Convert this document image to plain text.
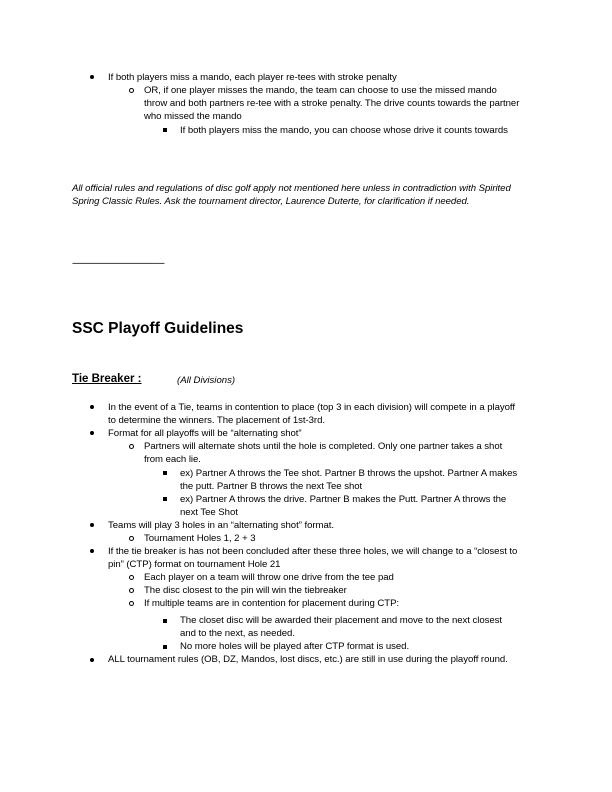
If both players miss a mando, each player re-tees with stroke penalty
OR, if one player misses the mando, the team can choose to use the missed mando
throw and both partners re-tee with a stroke penalty. The drive counts towards the partner
who missed the mando
If both players miss the mando, you can choose whose drive it counts towards
All official rules and regulations of disc golf apply not mentioned here unless in contradiction with Spirited
Spring Classic Rules. Ask the tournament director, Laurence Duterte, for clarification if needed.
----------------------------------------------
SSC Playoff Guidelines
Tie Breaker :	(All Divisions)
In the event of a Tie, teams in contention to place (top 3 in each division) will compete in a playoff
to determine the winners. The placement of 1st-3rd.
Format for all playoffs will be “alternating shot”
Partners will alternate shots until the hole is completed. Only one partner takes a shot
from each lie.
ex) Partner A throws the Tee shot. Partner B throws the upshot. Partner A makes
the putt. Partner B throws the next Tee shot
ex) Partner A throws the drive. Partner B makes the Putt. Partner A throws the
next Tee Shot
Teams will play 3 holes in an “alternating shot” format.
Tournament Holes 1, 2 + 3
If the tie breaker is has not been concluded after these three holes, we will change to a “closest to
pin” (CTP) format on tournament Hole 21
Each player on a team will throw one drive from the tee pad
The disc closest to the pin will win the tiebreaker
If multiple teams are in contention for placement during CTP:
The closet disc will be awarded their placement and move to the next closest
and to the next, as needed.
No more holes will be played after CTP format is used.
ALL tournament rules (OB, DZ, Mandos, lost discs, etc.) are still in use during the playoff round.
